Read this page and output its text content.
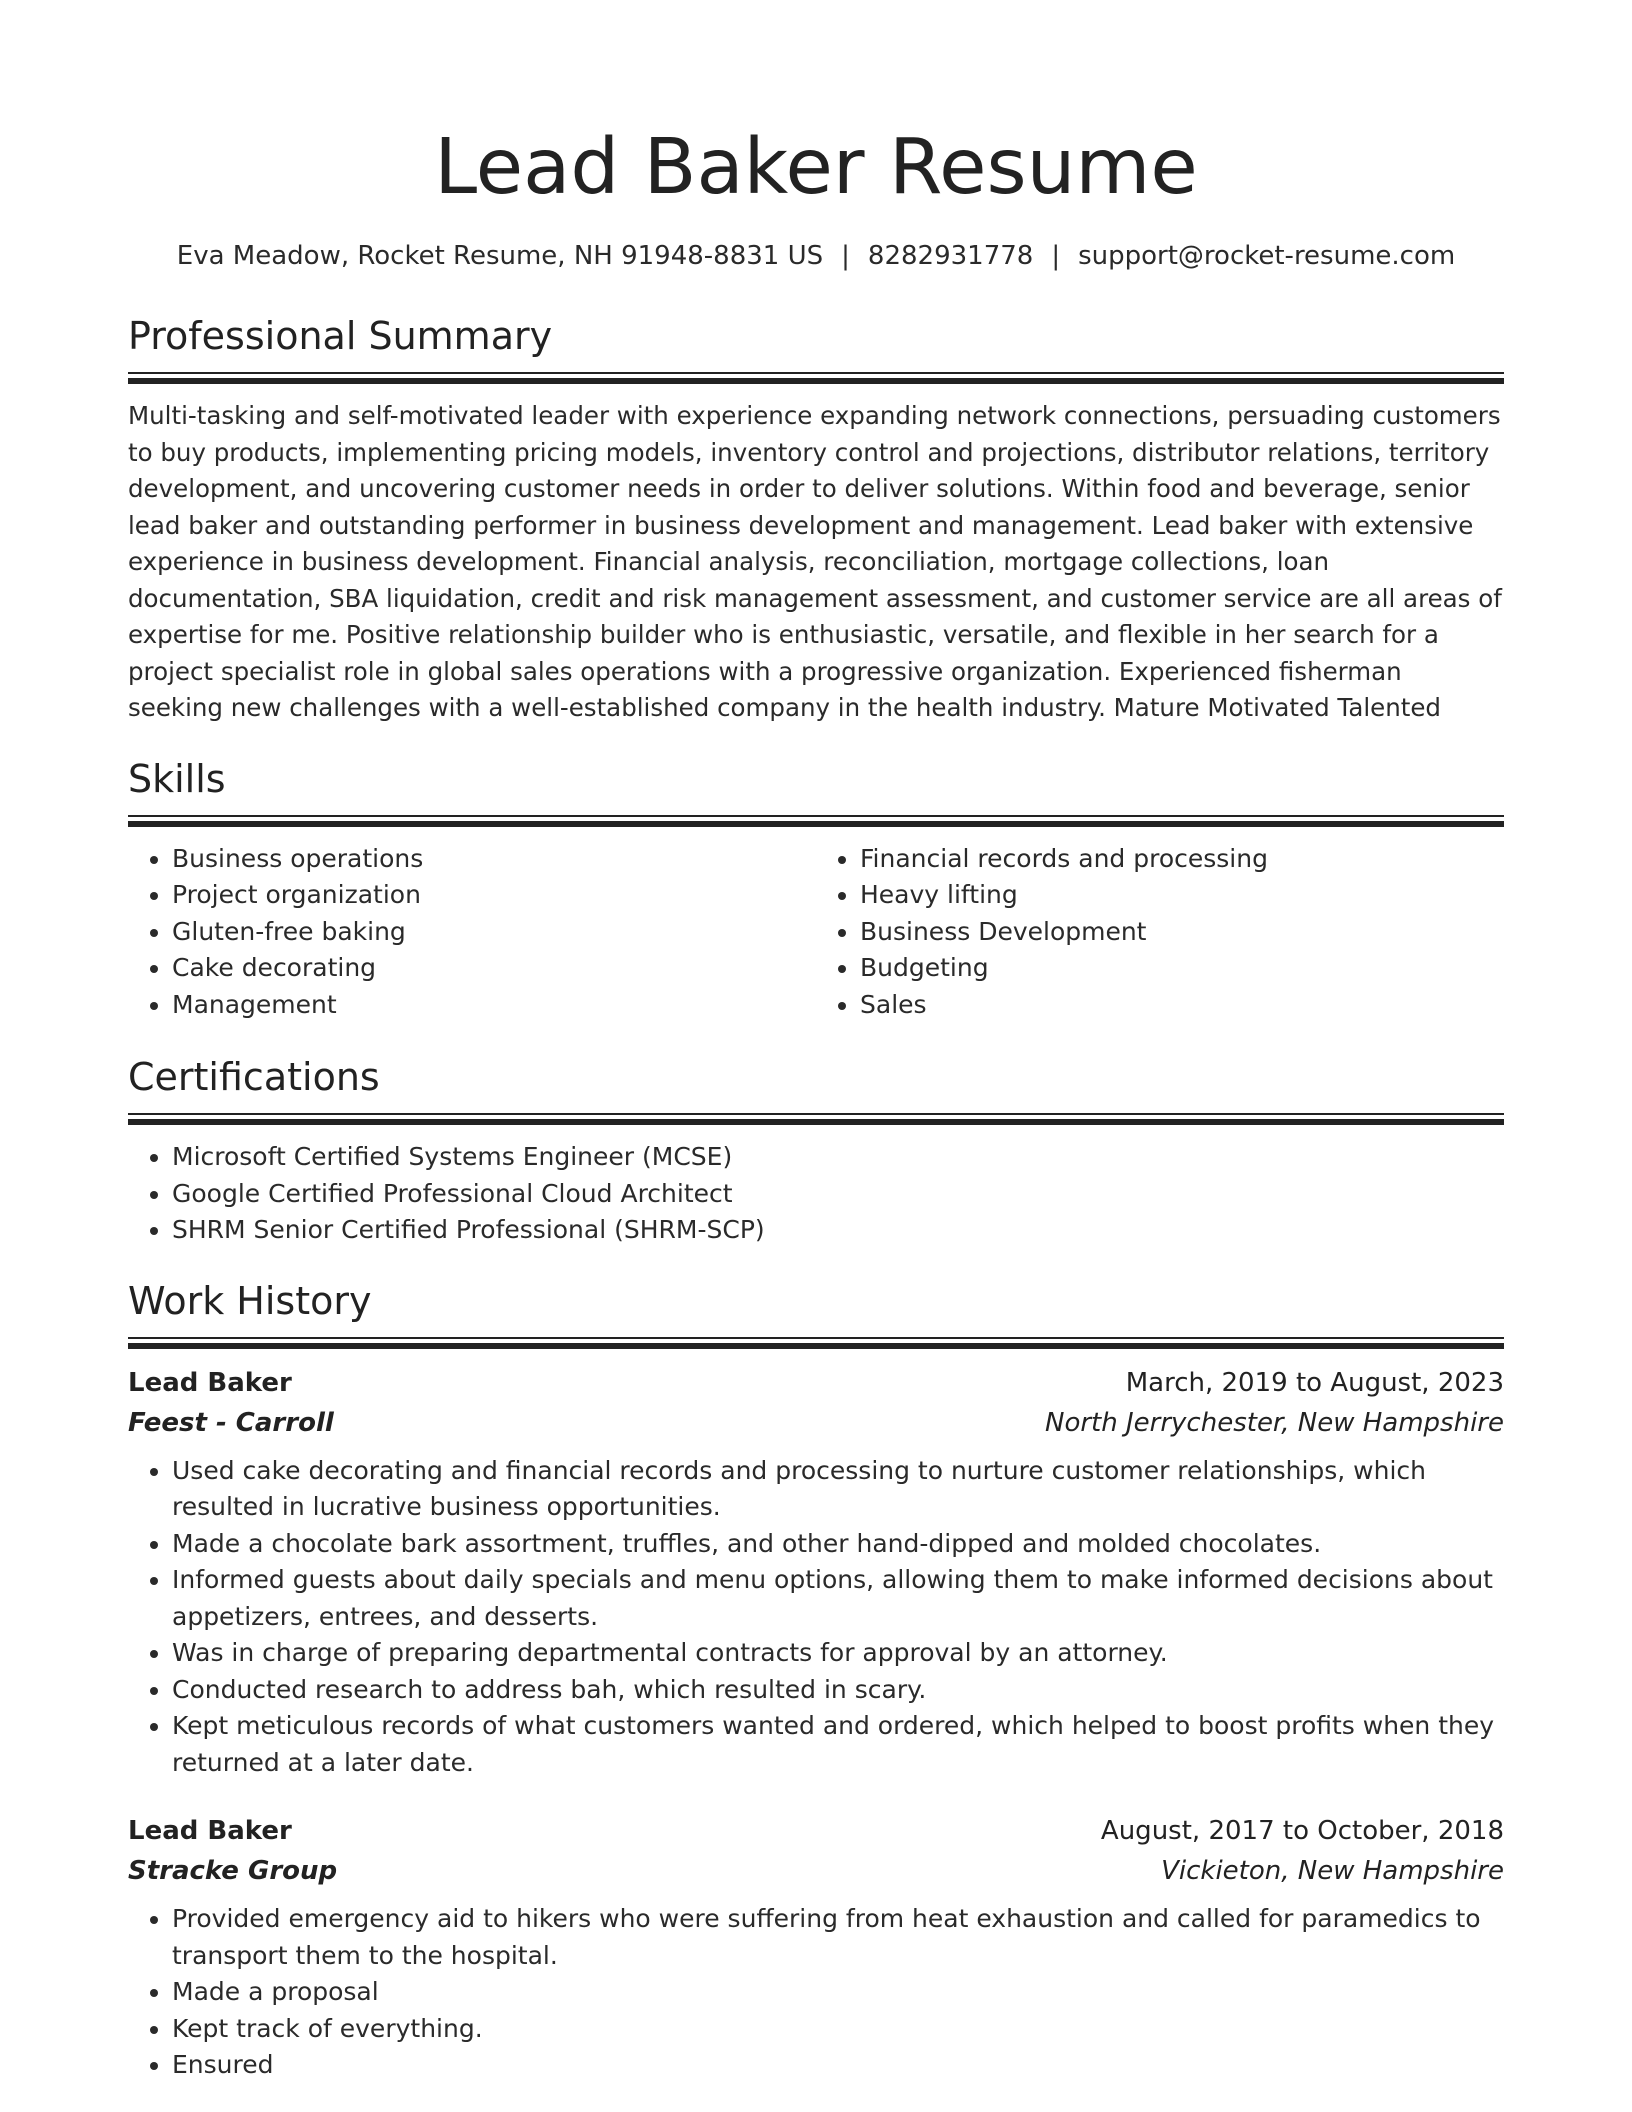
Lead Baker Resume
Eva Meadow, Rocket Resume, NH 91948-8831 US | 8282931778 | support@rocket-resume.com
Professional Summary

Multi-tasking and self-motivated leader with experience expanding network connections, persuading customers to buy products, implementing pricing models, inventory control and projections, distributor relations, territory development, and uncovering customer needs in order to deliver solutions. Within food and beverage, senior lead baker and outstanding performer in business development and management. Lead baker with extensive experience in business development. Financial analysis, reconciliation, mortgage collections, loan documentation, SBA liquidation, credit and risk management assessment, and customer service are all areas of expertise for me. Positive relationship builder who is enthusiastic, versatile, and flexible in her search for a project specialist role in global sales operations with a progressive organization. Experienced fisherman seeking new challenges with a well-established company in the health industry. Mature Motivated Talented

Skills
• Business operations
• Project organization
• Gluten-free baking
• Cake decorating
• Management
• Financial records and processing
• Heavy lifting
• Business Development
• Budgeting
• Sales
Certifications
• Microsoft Certified Systems Engineer (MCSE)
• Google Certified Professional Cloud Architect
• SHRM Senior Certified Professional (SHRM-SCP)
Work History
Lead Baker	March, 2019 to August, 2023
Feest - Carroll	North Jerrychester, New Hampshire
• Used cake decorating and financial records and processing to nurture customer relationships, which resulted in lucrative business opportunities.
• Made a chocolate bark assortment, truffles, and other hand-dipped and molded chocolates.
• Informed guests about daily specials and menu options, allowing them to make informed decisions about appetizers, entrees, and desserts.
• Was in charge of preparing departmental contracts for approval by an attorney.
• Conducted research to address bah, which resulted in scary.
• Kept meticulous records of what customers wanted and ordered, which helped to boost profits when they returned at a later date.
Lead Baker	August, 2017 to October, 2018
Stracke Group	Vickieton, New Hampshire
• Provided emergency aid to hikers who were suffering from heat exhaustion and called for paramedics to transport them to the hospital.
• Made a proposal
• Kept track of everything.
• Ensured
